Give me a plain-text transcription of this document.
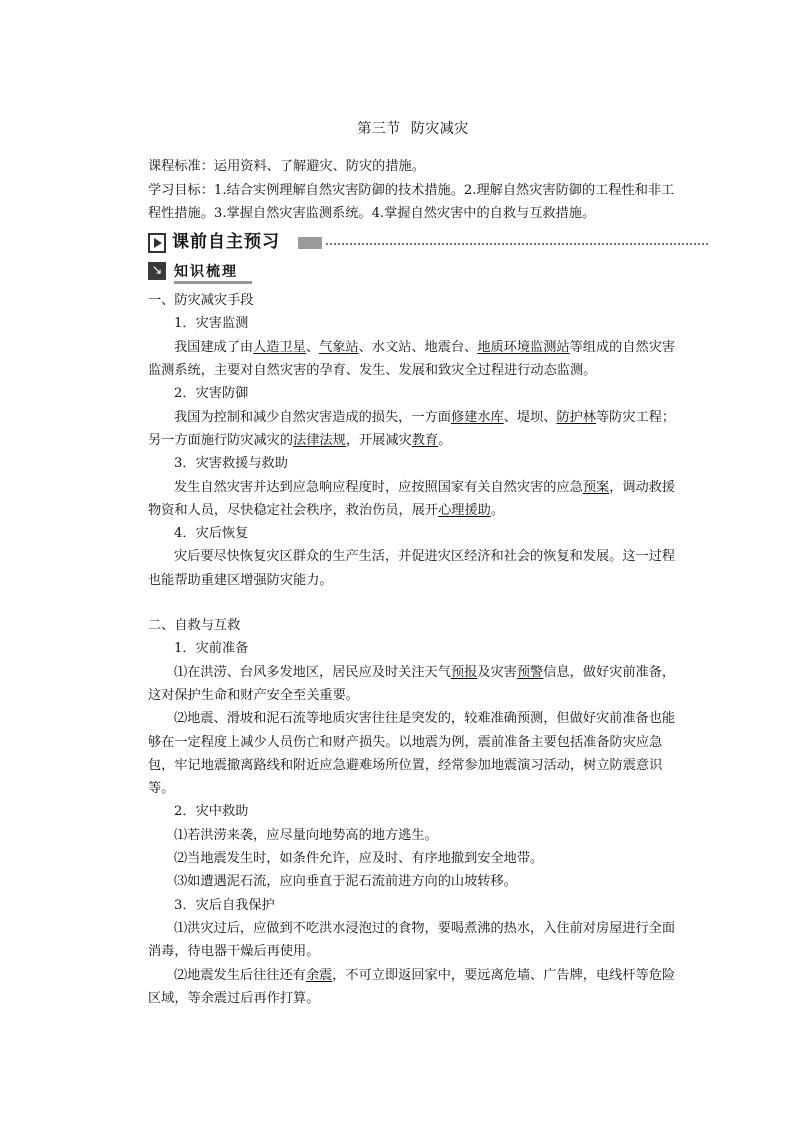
第三节 防灾减灾

课程标准：运用资料、了解避灾、防灾的措施。

学习目标：1.结合实例理解自然灾害防御的技术措施。2.理解自然灾害防御的工程性和非工程性措施。3.掌握自然灾害监测系统。4.掌握自然灾害中的自救与互救措施。

课前自主预习
↘ 知识梳理

一、防灾减灾手段

1．灾害监测

我国建成了由人造卫星、气象站、水文站、地震台、地质环境监测站等组成的自然灾害监测系统，主要对自然灾害的孕育、发生、发展和致灾全过程进行动态监测。

2．灾害防御

我国为控制和减少自然灾害造成的损失，一方面修建水库、堤坝、防护林等防灾工程；另一方面施行防灾减灾的法律法规，开展减灾教育。

3．灾害救援与救助

发生自然灾害并达到应急响应程度时，应按照国家有关自然灾害的应急预案，调动救援物资和人员，尽快稳定社会秩序，救治伤员，展开心理援助。

4．灾后恢复

灾后要尽快恢复灾区群众的生产生活，并促进灾区经济和社会的恢复和发展。这一过程也能帮助重建区增强防灾能力。

二、自救与互救

1．灾前准备

⑴在洪涝、台风多发地区，居民应及时关注天气预报及灾害预警信息，做好灾前准备，这对保护生命和财产安全至关重要。

⑵地震、滑坡和泥石流等地质灾害往往是突发的，较难准确预测，但做好灾前准备也能够在一定程度上减少人员伤亡和财产损失。以地震为例，震前准备主要包括准备防灾应急包，牢记地震撤离路线和附近应急避难场所位置，经常参加地震演习活动，树立防震意识等。

2．灾中救助

⑴若洪涝来袭，应尽量向地势高的地方逃生。

⑵当地震发生时，如条件允许，应及时、有序地撤到安全地带。

⑶如遭遇泥石流，应向垂直于泥石流前进方向的山坡转移。

3．灾后自我保护

⑴洪灾过后，应做到不吃洪水浸泡过的食物，要喝煮沸的热水，入住前对房屋进行全面消毒，待电器干燥后再使用。

⑵地震发生后往往还有余震，不可立即返回家中，要远离危墙、广告牌，电线杆等危险区域，等余震过后再作打算。
